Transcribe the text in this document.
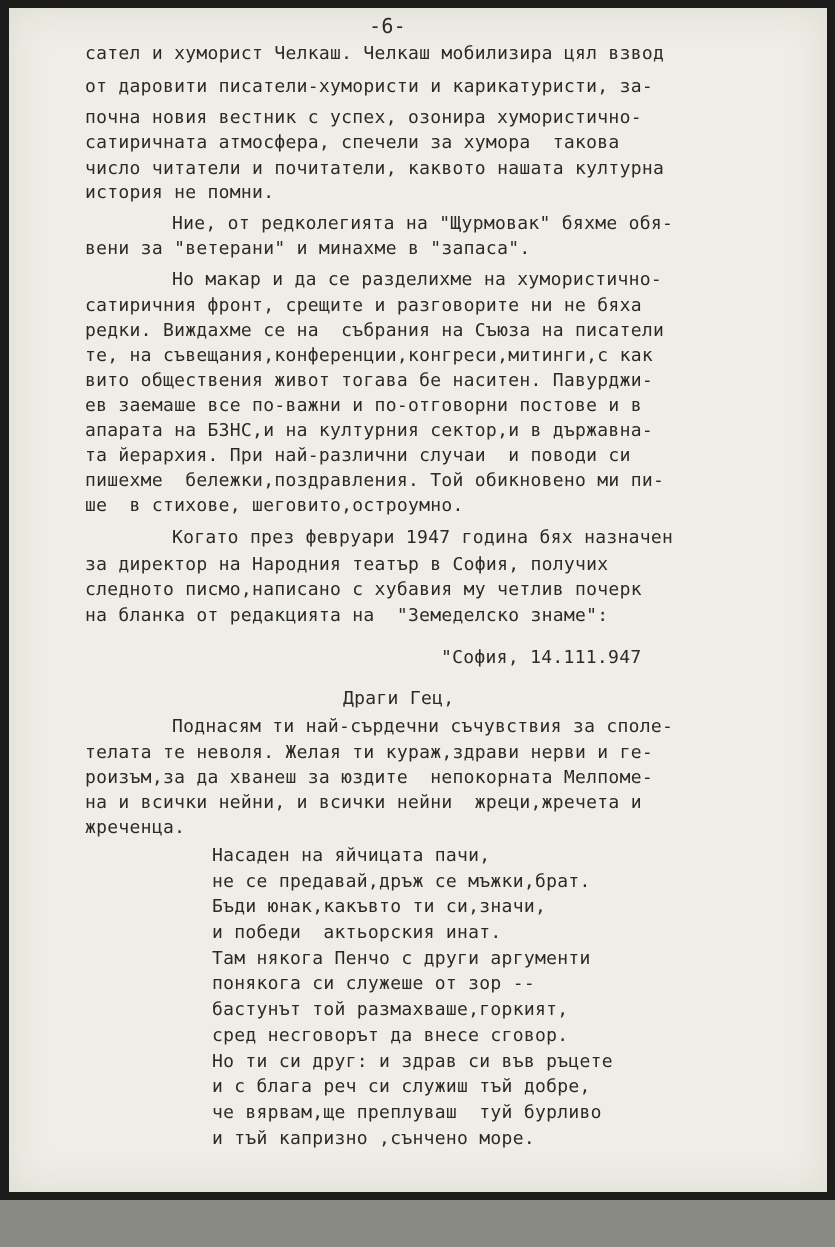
-6-

сател и хуморист Челкаш. Челкаш мобилизира цял взвод

от даровити писатели-хумористи и карикатуристи, за-

почна новия вестник с успех, озонира хумористично-

сатиричната атмосфера, спечели за хумора  такова

число читатели и почитатели, каквото нашата културна

история не помни.

Ние, от редколегията на "Щурмовак" бяхме обя-

вени за "ветерани" и минахме в "запаса".

Но макар и да се разделихме на хумористично-

сатиричния фронт, срещите и разговорите ни не бяха

редки. Виждахме се на  събрания на Съюза на писатели

те, на съвещания,конференции,конгреси,митинги,с как

вито обществения живот тогава бе наситен. Павурджи-

ев заемаше все по-важни и по-отговорни постове и в

апарата на БЗНС,и на културния сектор,и в държавна-

та йерархия. При най-различни случаи  и поводи си

пишехме  бележки,поздравления. Той обикновено ми пи-

ше  в стихове, шеговито,остроумно.

Когато през февруари 1947 година бях назначен

за директор на Народния театър в София, получих

следното писмо,написано с хубавия му четлив почерк

на бланка от редакцията на  "Земеделско знаме":

"София, 14.111.947

Драги Гец,

Поднасям ти най-сърдечни съчувствия за споле-

телата те неволя. Желая ти кураж,здрави нерви и ге-

роизъм,за да хванеш за юздите  непокорната Мелпоме-

на и всички нейни, и всички нейни  жреци,жречета и

жреченца.

Насаден на яйчицата пачи,

не се предавай,дръж се мъжки,брат.

Бъди юнак,какъвто ти си,значи,

и победи  актьорския инат.

Там някога Пенчо с други аргументи

понякога си служеше от зор --

бастунът той размахваше,горкият,

сред несговорът да внесе сговор.

Но ти си друг: и здрав си във ръцете

и с блага реч си служиш тъй добре,

че вярвам,ще преплуваш  туй бурливо

и тъй капризно ,сънчено море.
